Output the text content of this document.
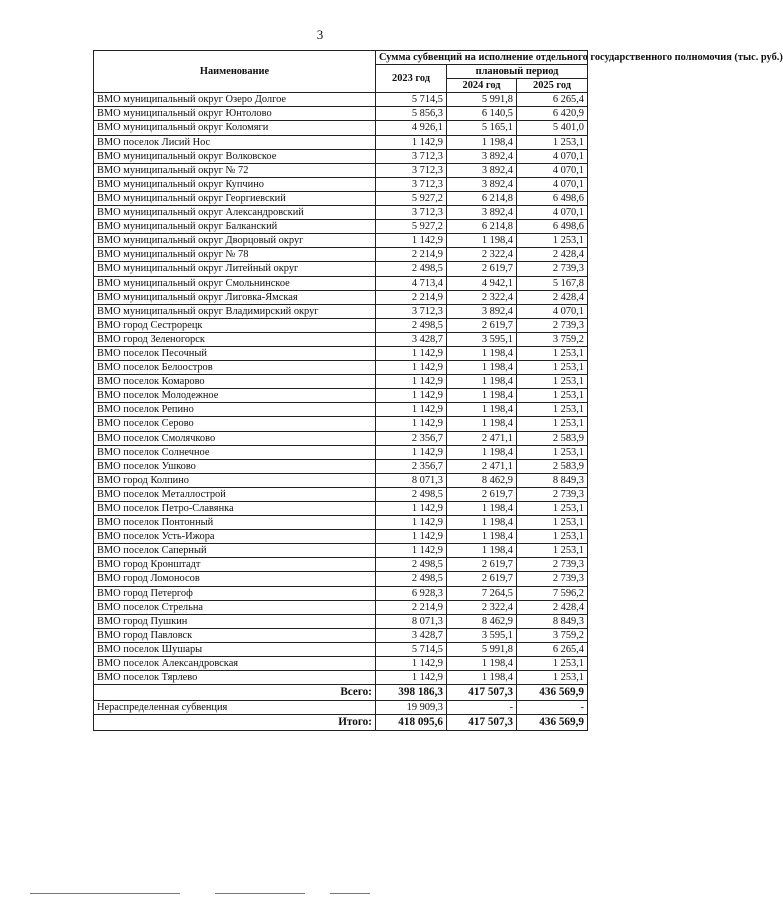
3
Наименование	Сумма субвенций на исполнение отдельного государственного полномочия (тыс. руб.)		
	2023 год	плановый период	
		2024 год	2025 год
ВМО муниципальный округ Озеро Долгое	5 714,5	5 991,8	6 265,4
ВМО муниципальный округ Юнтолово	5 856,3	6 140,5	6 420,9
ВМО муниципальный округ Коломяги	4 926,1	5 165,1	5 401,0
ВМО поселок Лисий Нос	1 142,9	1 198,4	1 253,1
ВМО муниципальный округ Волковское	3 712,3	3 892,4	4 070,1
ВМО муниципальный округ № 72	3 712,3	3 892,4	4 070,1
ВМО муниципальный округ Купчино	3 712,3	3 892,4	4 070,1
ВМО муниципальный округ Георгиевский	5 927,2	6 214,8	6 498,6
ВМО муниципальный округ Александровский	3 712,3	3 892,4	4 070,1
ВМО муниципальный округ Балканский	5 927,2	6 214,8	6 498,6
ВМО муниципальный округ Дворцовый округ	1 142,9	1 198,4	1 253,1
ВМО муниципальный округ № 78	2 214,9	2 322,4	2 428,4
ВМО муниципальный округ Литейный округ	2 498,5	2 619,7	2 739,3
ВМО муниципальный округ Смольнинское	4 713,4	4 942,1	5 167,8
ВМО муниципальный округ Лиговка-Ямская	2 214,9	2 322,4	2 428,4
ВМО муниципальный округ Владимирский округ	3 712,3	3 892,4	4 070,1
ВМО город Сестрорецк	2 498,5	2 619,7	2 739,3
ВМО город Зеленогорск	3 428,7	3 595,1	3 759,2
ВМО поселок Песочный	1 142,9	1 198,4	1 253,1
ВМО поселок Белоостров	1 142,9	1 198,4	1 253,1
ВМО поселок Комарово	1 142,9	1 198,4	1 253,1
ВМО поселок Молодежное	1 142,9	1 198,4	1 253,1
ВМО поселок Репино	1 142,9	1 198,4	1 253,1
ВМО поселок Серово	1 142,9	1 198,4	1 253,1
ВМО поселок Смолячково	2 356,7	2 471,1	2 583,9
ВМО поселок Солнечное	1 142,9	1 198,4	1 253,1
ВМО поселок Ушково	2 356,7	2 471,1	2 583,9
ВМО город Колпино	8 071,3	8 462,9	8 849,3
ВМО поселок Металлострой	2 498,5	2 619,7	2 739,3
ВМО поселок Петро-Славянка	1 142,9	1 198,4	1 253,1
ВМО поселок Понтонный	1 142,9	1 198,4	1 253,1
ВМО поселок Усть-Ижора	1 142,9	1 198,4	1 253,1
ВМО поселок Саперный	1 142,9	1 198,4	1 253,1
ВМО город Кронштадт	2 498,5	2 619,7	2 739,3
ВМО город Ломоносов	2 498,5	2 619,7	2 739,3
ВМО город Петергоф	6 928,3	7 264,5	7 596,2
ВМО поселок Стрельна	2 214,9	2 322,4	2 428,4
ВМО город Пушкин	8 071,3	8 462,9	8 849,3
ВМО город Павловск	3 428,7	3 595,1	3 759,2
ВМО поселок Шушары	5 714,5	5 991,8	6 265,4
ВМО поселок Александровская	1 142,9	1 198,4	1 253,1
ВМО поселок Тярлево	1 142,9	1 198,4	1 253,1
Всего:	398 186,3	417 507,3	436 569,9
Нераспределенная субвенция	19 909,3	-	-
Итого:	418 095,6	417 507,3	436 569,9
